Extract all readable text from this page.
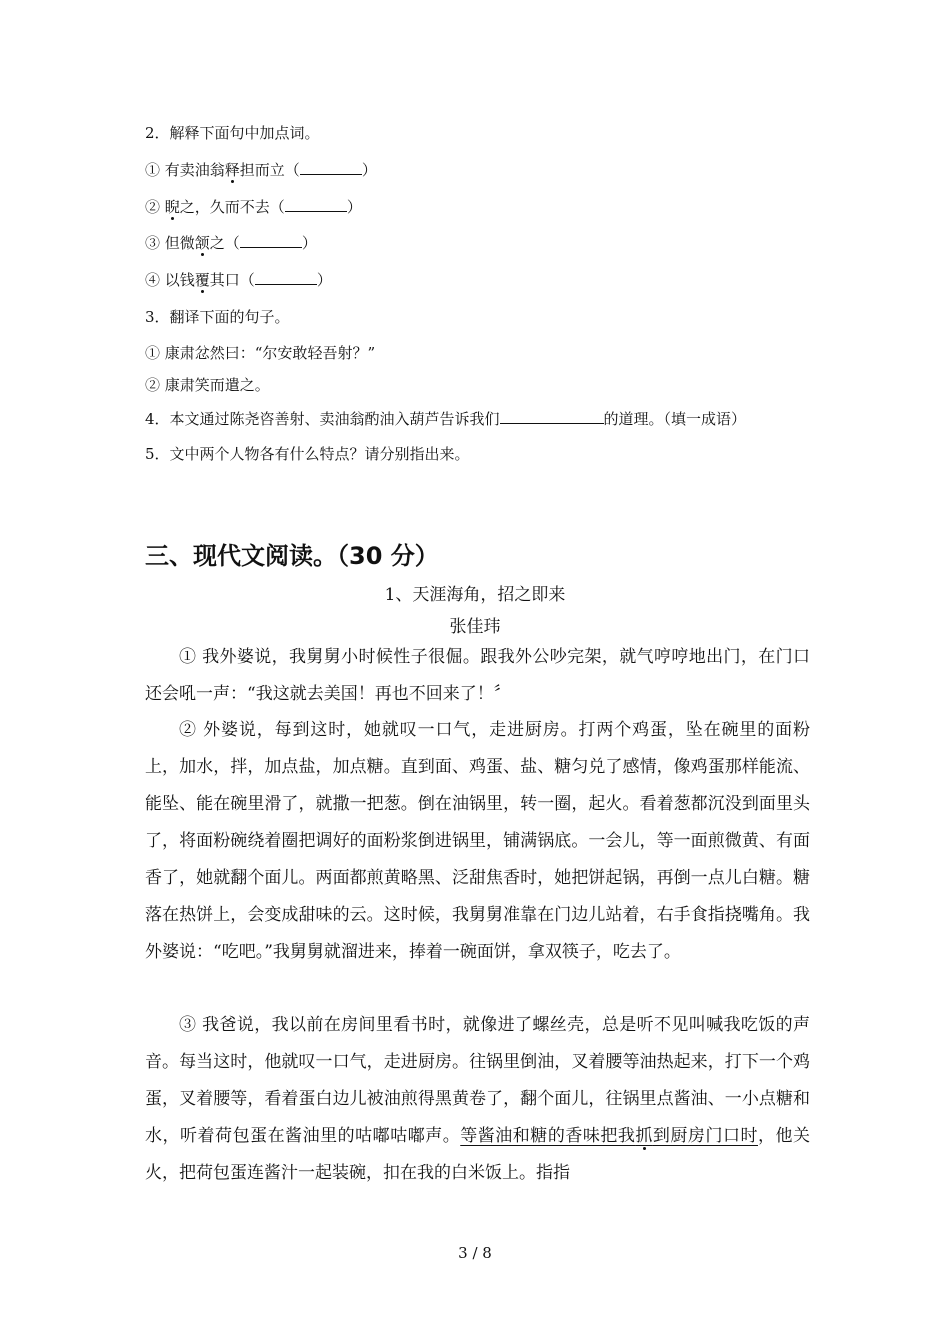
2．解释下面句中加点词。
① 有卖油翁释担而立（	）
② 睨之，久而不去（	）
③ 但微颔之（	）
④ 以钱覆其口（	）
3．翻译下面的句子。
① 康肃忿然曰：“尔安敢轻吾射？”
② 康肃笑而遣之。
4．本文通过陈尧咨善射、卖油翁酌油入葫芦告诉我们	的道理。（填一成语）
5．文中两个人物各有什么特点？请分别指出来。
三、现代文阅读。（30 分）
1、天涯海角，招之即来
张佳玮
① 我外婆说，我舅舅小时候性子很倔。跟我外公吵完架，就气哼哼地出门，在门口还会吼一声：“我这就去美国！再也不回来了！〞
② 外婆说，每到这时，她就叹一口气，走进厨房。打两个鸡蛋，坠在碗里的面粉上，加水，拌，加点盐，加点糖。直到面、鸡蛋、盐、糖匀兑了感情，像鸡蛋那样能流、能坠、能在碗里滑了，就撒一把葱。倒在油锅里，转一圈，起火。看着葱都沉没到面里头了，将面粉碗绕着圈把调好的面粉浆倒进锅里，铺满锅底。一会儿，等一面煎微黄、有面香了，她就翻个面儿。两面都煎黄略黑、泛甜焦香时，她把饼起锅，再倒一点儿白糖。糖落在热饼上，会变成甜味的云。这时候，我舅舅准靠在门边儿站着，右手食指挠嘴角。我外婆说：“吃吧。”我舅舅就溜进来，捧着一碗面饼，拿双筷子，吃去了。
③ 我爸说，我以前在房间里看书时，就像进了螺丝壳，总是听不见叫喊我吃饭的声音。每当这时，他就叹一口气，走进厨房。往锅里倒油，叉着腰等油热起来，打下一个鸡蛋，叉着腰等，看着蛋白边儿被油煎得黑黄卷了，翻个面儿，往锅里点酱油、一小点糖和水，听着荷包蛋在酱油里的咕嘟咕嘟声。等酱油和糖的香味把我抓到厨房门口时，他关火，把荷包蛋连酱汁一起装碗，扣在我的白米饭上。指指
3 / 8
